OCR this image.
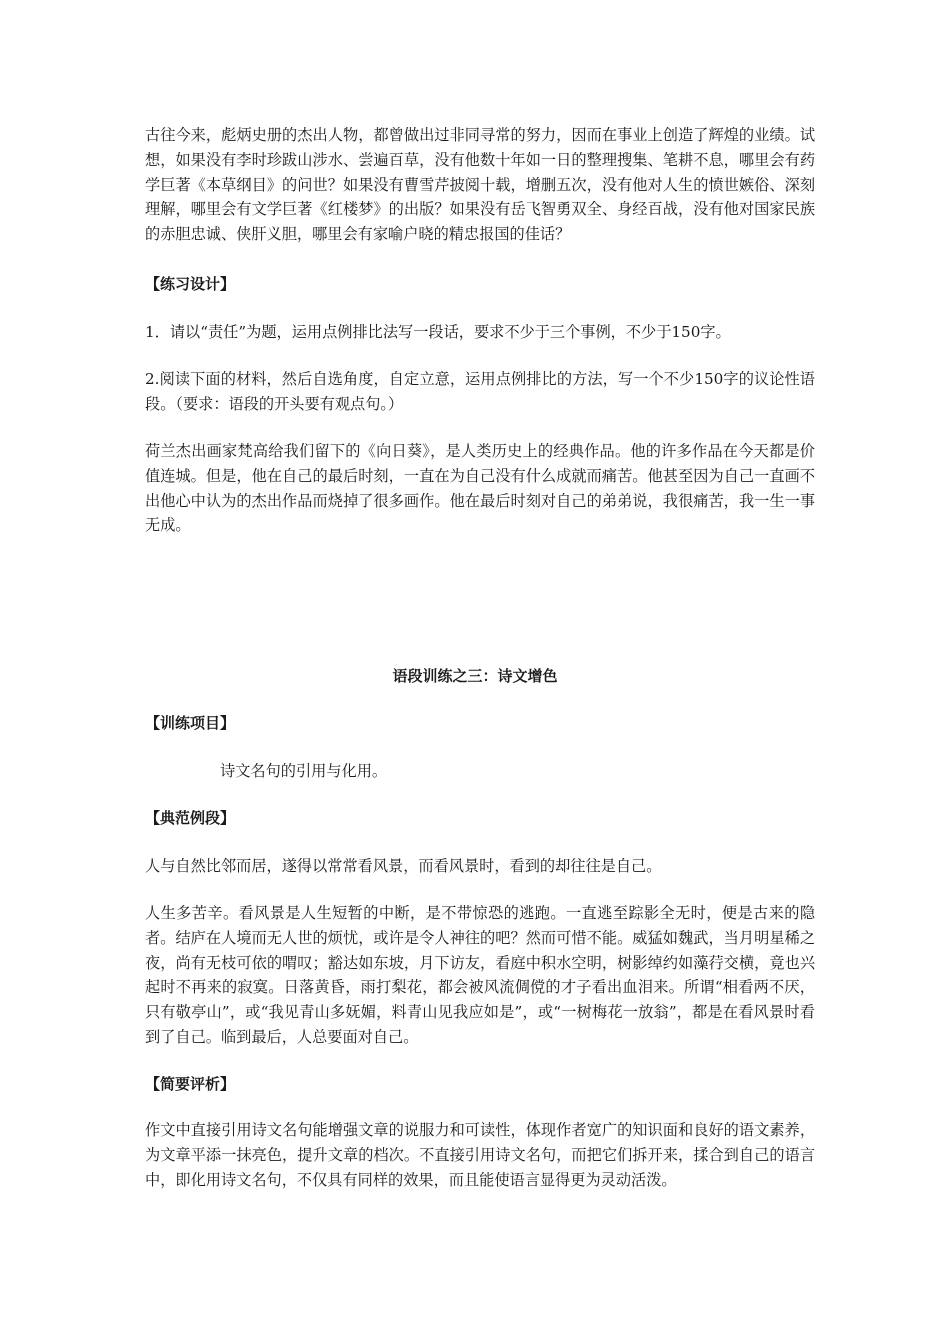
古往今来，彪炳史册的杰出人物，都曾做出过非同寻常的努力，因而在事业上创造了辉煌的业绩。试想，如果没有李时珍跋山涉水、尝遍百草，没有他数十年如一日的整理搜集、笔耕不息，哪里会有药学巨著《本草纲目》的问世？如果没有曹雪芹披阅十载，增删五次，没有他对人生的愤世嫉俗、深刻理解，哪里会有文学巨著《红楼梦》的出版？如果没有岳飞智勇双全、身经百战，没有他对国家民族的赤胆忠诚、侠肝义胆，哪里会有家喻户晓的精忠报国的佳话？

【练习设计】

1．请以“责任”为题，运用点例排比法写一段话，要求不少于三个事例，不少于150字。

2.阅读下面的材料，然后自选角度，自定立意，运用点例排比的方法，写一个不少150字的议论性语段。（要求：语段的开头要有观点句。）

荷兰杰出画家梵高给我们留下的《向日葵》，是人类历史上的经典作品。他的许多作品在今天都是价值连城。但是，他在自己的最后时刻，一直在为自己没有什么成就而痛苦。他甚至因为自己一直画不出他心中认为的杰出作品而烧掉了很多画作。他在最后时刻对自己的弟弟说，我很痛苦，我一生一事无成。

语段训练之三：诗文增色

【训练项目】

诗文名句的引用与化用。

【典范例段】

人与自然比邻而居，遂得以常常看风景，而看风景时，看到的却往往是自己。

人生多苦辛。看风景是人生短暂的中断，是不带惊恐的逃跑。一直逃至踪影全无时，便是古来的隐者。结庐在人境而无人世的烦忧，或许是令人神往的吧？然而可惜不能。威猛如魏武，当月明星稀之夜，尚有无枝可依的喟叹；豁达如东坡，月下访友，看庭中积水空明，树影绰约如藻荇交横，竟也兴起时不再来的寂寞。日落黄昏，雨打梨花，都会被风流倜傥的才子看出血泪来。所谓“相看两不厌，只有敬亭山”，或“我见青山多妩媚，料青山见我应如是”，或“一树梅花一放翁”，都是在看风景时看到了自己。临到最后，人总要面对自己。

【简要评析】

作文中直接引用诗文名句能增强文章的说服力和可读性，体现作者宽广的知识面和良好的语文素养，为文章平添一抹亮色，提升文章的档次。不直接引用诗文名句，而把它们拆开来，揉合到自己的语言中，即化用诗文名句，不仅具有同样的效果，而且能使语言显得更为灵动活泼。
